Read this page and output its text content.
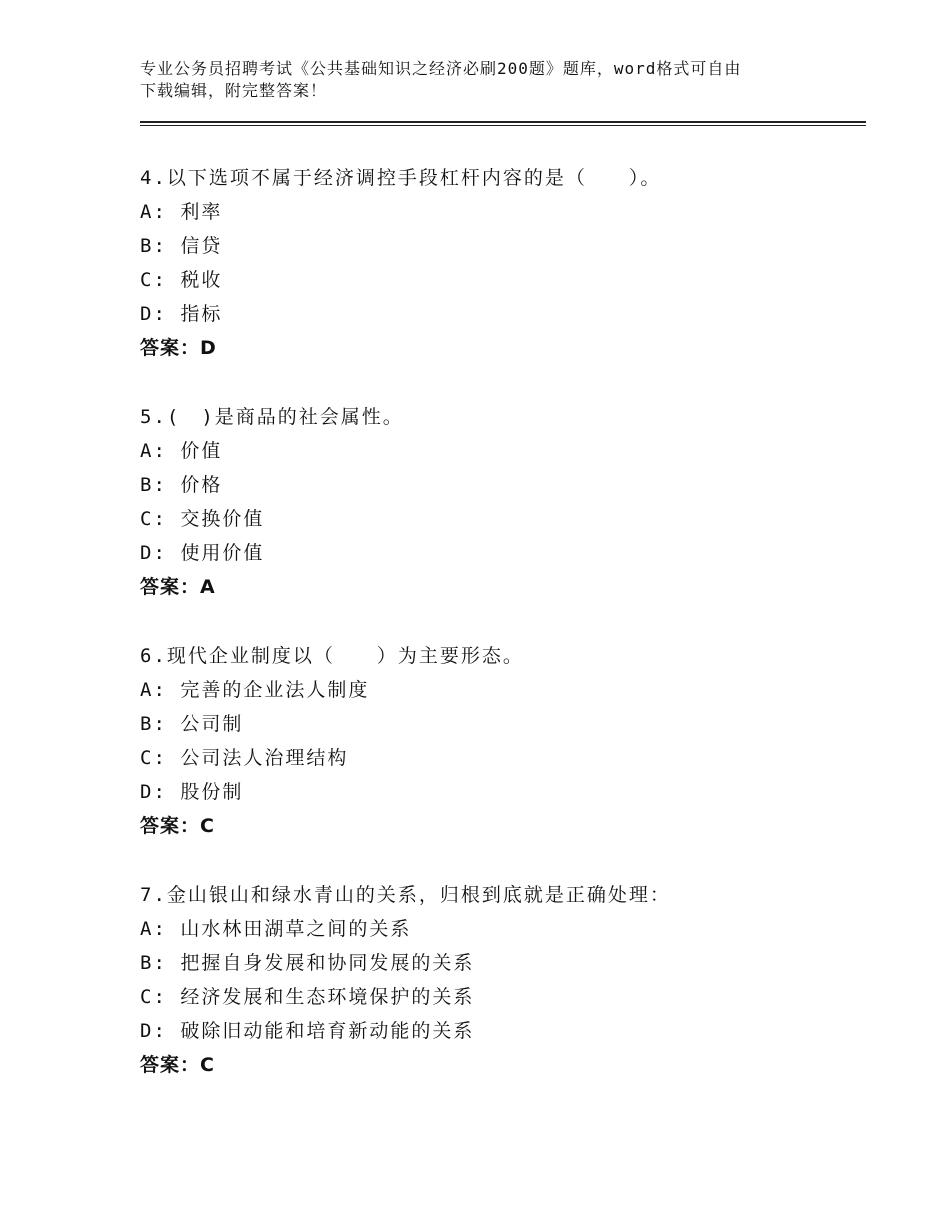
专业公务员招聘考试《公共基础知识之经济必刷200题》题库，word格式可自由
下载编辑，附完整答案！
4.以下选项不属于经济调控手段杠杆内容的是（　　）。
A: 利率
B: 信贷
C: 税收
D: 指标
答案：D
5.(　)是商品的社会属性。
A: 价值
B: 价格
C: 交换价值
D: 使用价值
答案：A
6.现代企业制度以（　　）为主要形态。
A: 完善的企业法人制度
B: 公司制
C: 公司法人治理结构
D: 股份制
答案：C
7.金山银山和绿水青山的关系，归根到底就是正确处理：
A: 山水林田湖草之间的关系
B: 把握自身发展和协同发展的关系
C: 经济发展和生态环境保护的关系
D: 破除旧动能和培育新动能的关系
答案：C
